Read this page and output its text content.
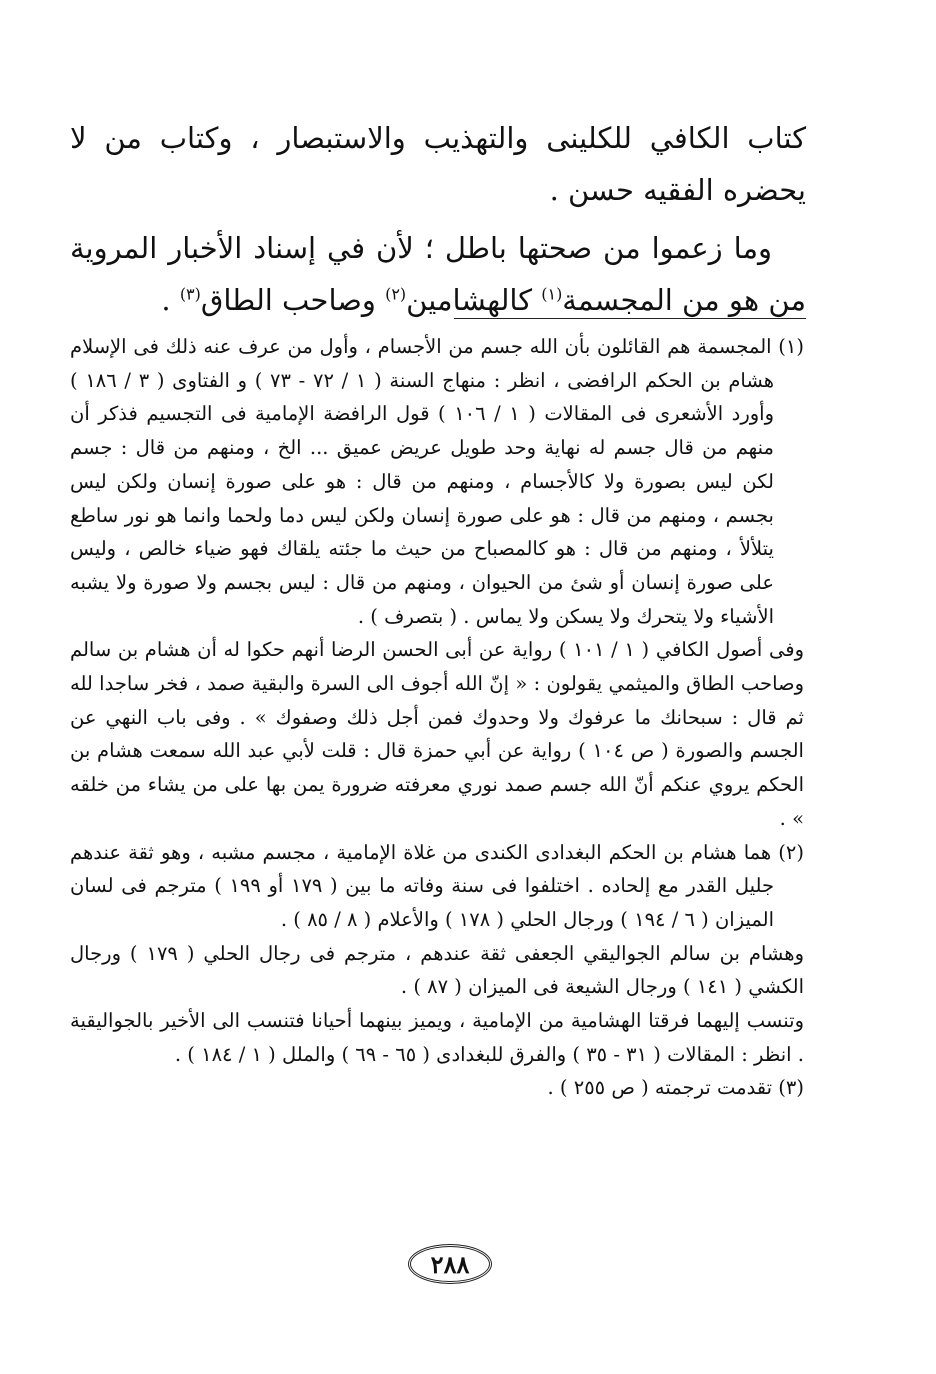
كتاب الكافي للكلينى والتهذيب والاستبصار ، وكتاب من لا يحضره الفقيه حسن .

وما زعموا من صحتها باطل ؛ لأن في إسناد الأخبار المروية من هو من المجسمة$^{(١)}$ كالهشامين$^{(٢)}$ وصاحب الطاق$^{(٣)}$ .

(١) المجسمة هم القائلون بأن الله جسم من الأجسام ، وأول من عرف عنه ذلك فى الإسلام هشام بن الحكم الرافضى ، انظر : منهاج السنة ( ١ / ٧٢ - ٧٣ ) و الفتاوى ( ٣ / ١٨٦ ) وأورد الأشعرى فى المقالات ( ١ / ١٠٦ ) قول الرافضة الإمامية فى التجسيم فذكر أن منهم من قال جسم له نهاية وحد طويل عريض عميق ... الخ ، ومنهم من قال : جسم لكن ليس بصورة ولا كالأجسام ، ومنهم من قال : هو على صورة إنسان ولكن ليس بجسم ، ومنهم من قال : هو على صورة إنسان ولكن ليس دما ولحما وانما هو نور ساطع يتلألأ ، ومنهم من قال : هو كالمصباح من حيث ما جئته يلقاك فهو ضياء خالص ، وليس على صورة إنسان أو شئ من الحيوان ، ومنهم من قال : ليس بجسم ولا صورة ولا يشبه الأشياء ولا يتحرك ولا يسكن ولا يماس . ( بتصرف ) .

وفى أصول الكافي ( ١ / ١٠١ ) رواية عن أبى الحسن الرضا أنهم حكوا له أن هشام بن سالم وصاحب الطاق والميثمي يقولون : « إنّ الله أجوف الى السرة والبقية صمد ، فخر ساجدا لله ثم قال : سبحانك ما عرفوك ولا وحدوك فمن أجل ذلك وصفوك » . وفى باب النهي عن الجسم والصورة ( ص ١٠٤ ) رواية عن أبي حمزة قال : قلت لأبي عبد الله سمعت هشام بن الحكم يروي عنكم أنّ الله جسم صمد نوري معرفته ضرورة يمن بها على من يشاء من خلقه » .

(٢) هما هشام بن الحكم البغدادى الكندى من غلاة الإمامية ، مجسم مشبه ، وهو ثقة عندهم جليل القدر مع إلحاده . اختلفوا فى سنة وفاته ما بين ( ١٧٩ أو ١٩٩ ) مترجم فى لسان الميزان ( ٦ / ١٩٤ ) ورجال الحلي ( ١٧٨ ) والأعلام ( ٨ / ٨٥ ) .

وهشام بن سالم الجواليقي الجعفى ثقة عندهم ، مترجم فى رجال الحلي ( ١٧٩ ) ورجال الكشي ( ١٤١ ) ورجال الشيعة فى الميزان ( ٨٧ ) .

وتنسب إليهما فرقتا الهشامية من الإمامية ، ويميز بينهما أحيانا فتنسب الى الأخير بالجواليقية . انظر : المقالات ( ٣١ - ٣٥ ) والفرق للبغدادى ( ٦٥ - ٦٩ ) والملل ( ١ / ١٨٤ ) .

(٣) تقدمت ترجمته ( ص ٢٥٥ ) .

٢٨٨
